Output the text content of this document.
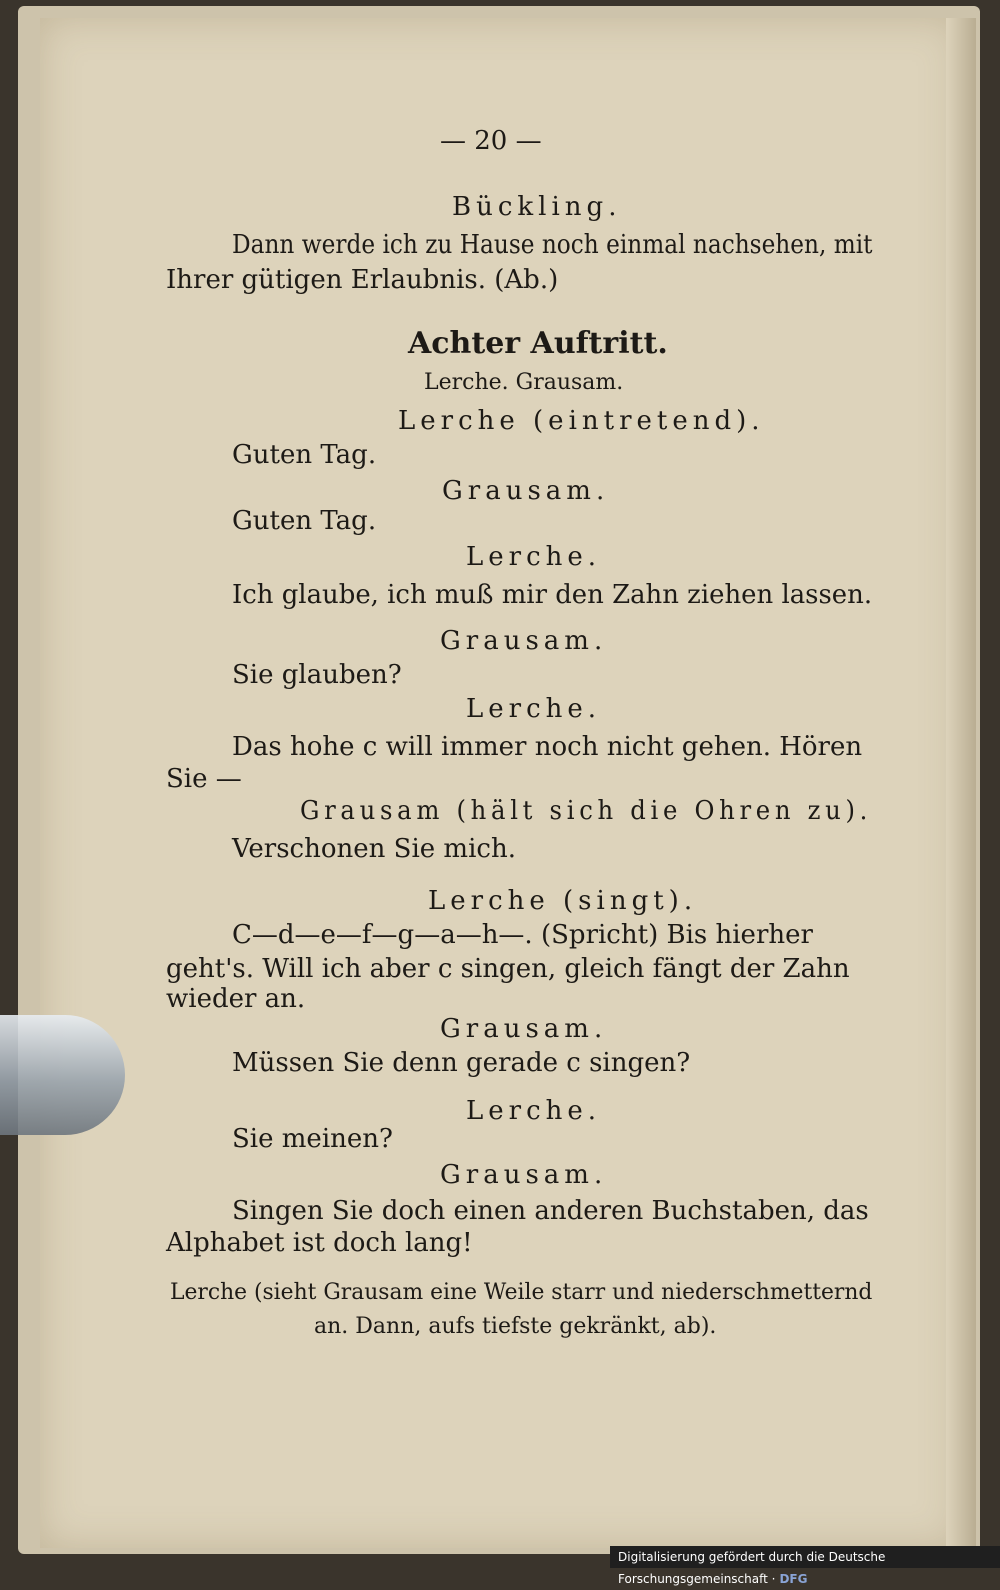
— 20 —
Bückling.
Dann werde ich zu Hause noch einmal nachsehen, mit
Ihrer gütigen Erlaubnis. (Ab.)
Achter Auftritt.
Lerche. Grausam.
Lerche (eintretend).
Guten Tag.
Grausam.
Guten Tag.
Lerche.
Ich glaube, ich muß mir den Zahn ziehen lassen.
Grausam.
Sie glauben?
Lerche.
Das hohe c will immer noch nicht gehen. Hören
Sie —
Grausam (hält sich die Ohren zu).
Verschonen Sie mich.
Lerche (singt).
C—d—e—f—g—a—h—. (Spricht) Bis hierher
geht's. Will ich aber c singen, gleich fängt der Zahn
wieder an.
Grausam.
Müssen Sie denn gerade c singen?
Lerche.
Sie meinen?
Grausam.
Singen Sie doch einen anderen Buchstaben, das
Alphabet ist doch lang!
Lerche (sieht Grausam eine Weile starr und niederschmetternd
an. Dann, aufs tiefste gekränkt, ab).
Digitalisierung gefördert durch die Deutsche Forschungsgemeinschaft · DFG
